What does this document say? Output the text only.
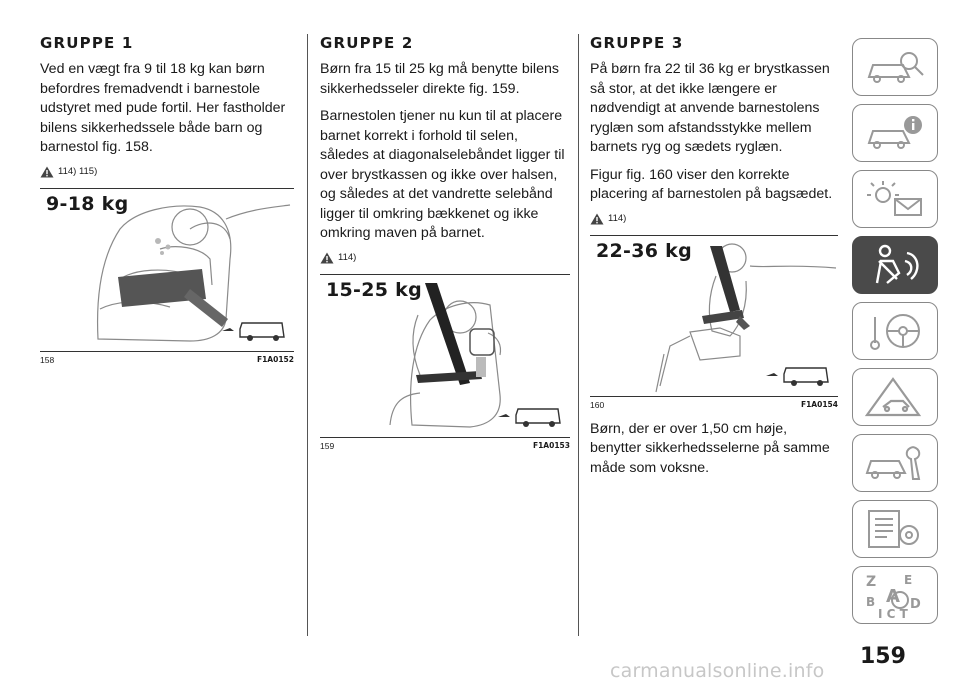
GRUPPE 1

Ved en vægt fra 9 til 18 kg kan børn befordres fremadvendt i barnestole udstyret med pude fortil. Her fastholder bilens sikkerhedssele både barn og barnestol fig. 158.

114) 115)
9-18 kg
158	F1A0152
GRUPPE 2

Børn fra 15 til 25 kg må benytte bilens sikkerhedsseler direkte fig. 159.

Barnestolen tjener nu kun til at placere barnet korrekt i forhold til selen, således at diagonalselebåndet ligger til over brystkassen og ikke over halsen, og således at det vandrette selebånd ligger til omkring bækkenet og ikke omkring maven på barnet.

114)
15-25 kg
159	F1A0153
GRUPPE 3

På børn fra 22 til 36 kg er brystkassen så stor, at det ikke længere er nødvendigt at anvende barnestolens ryglæn som afstandsstykke mellem barnets ryg og sædets ryglæn.

Figur fig. 160 viser den korrekte placering af barnestolen på bagsædet.

114)
22-36 kg
160	F1A0154

Børn, der er over 1,50 cm høje, benytter sikkerhedsselerne på samme måde som voksne.

Z E
B A D
I C T
159
carmanualsonline.info
